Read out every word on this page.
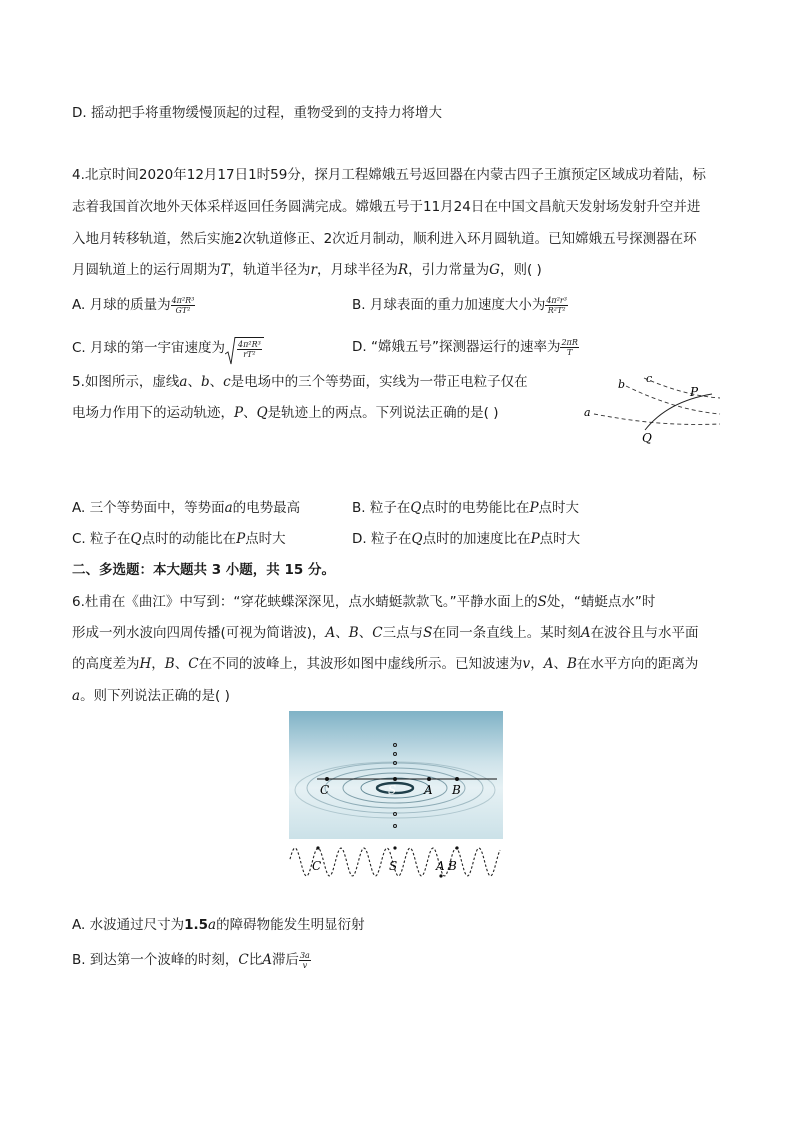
D. 摇动把手将重物缓慢顶起的过程，重物受到的支持力将增大
4.北京时间2020年12月17日1时59分，探月工程嫦娥五号返回器在内蒙古四子王旗预定区域成功着陆，标
志着我国首次地外天体采样返回任务圆满完成。嫦娥五号于11月24日在中国文昌航天发射场发射升空并进
入地月转移轨道，然后实施2次轨道修正、2次近月制动，顺利进入环月圆轨道。已知嫦娥五号探测器在环
月圆轨道上的运行周期为T，轨道半径为r，月球半径为R，引力常量为G，则( )
A. 月球的质量为 $\frac{\text{4π²R³}}{\text{GT²}}$	B. 月球表面的重力加速度大小为 $\frac{\text{4π²r³}}{\text{R²T²}}$
C. 月球的第一宇宙速度为 $\frac{\text{4π²R³}}{\text{rT²}}$	D. “嫦娥五号”探测器运行的速率为 $\frac{2\pi R}{T}$
5.如图所示，虚线a、b、c是电场中的三个等势面，实线为一带正电粒子仅在
电场力作用下的运动轨迹，P、Q是轨迹上的两点。下列说法正确的是( )
c
b
a
P
Q
A. 三个等势面中，等势面a的电势最高	B. 粒子在Q点时的电势能比在P点时大
C. 粒子在Q点时的动能比在P点时大	D. 粒子在Q点时的加速度比在P点时大
二、多选题：本大题共 3 小题，共 15 分。
6.杜甫在《曲江》中写到：“穿花蛱蝶深深见，点水蜻蜓款款飞。”平静水面上的S处，“蜻蜓点水”时
形成一列水波向四周传播(可视为简谐波)，A、B、C三点与S在同一条直线上。某时刻A在波谷且与水平面
的高度差为H，B、C在不同的波峰上，其波形如图中虚线所示。已知波速为v，A、B在水平方向的距离为
a。则下列说法正确的是( )
C	S A B
C	S	A B
A. 水波通过尺寸为1.5a的障碍物能发生明显衍射
B. 到达第一个波峰的时刻，C比A滞后 $\frac{3a}{v}$
